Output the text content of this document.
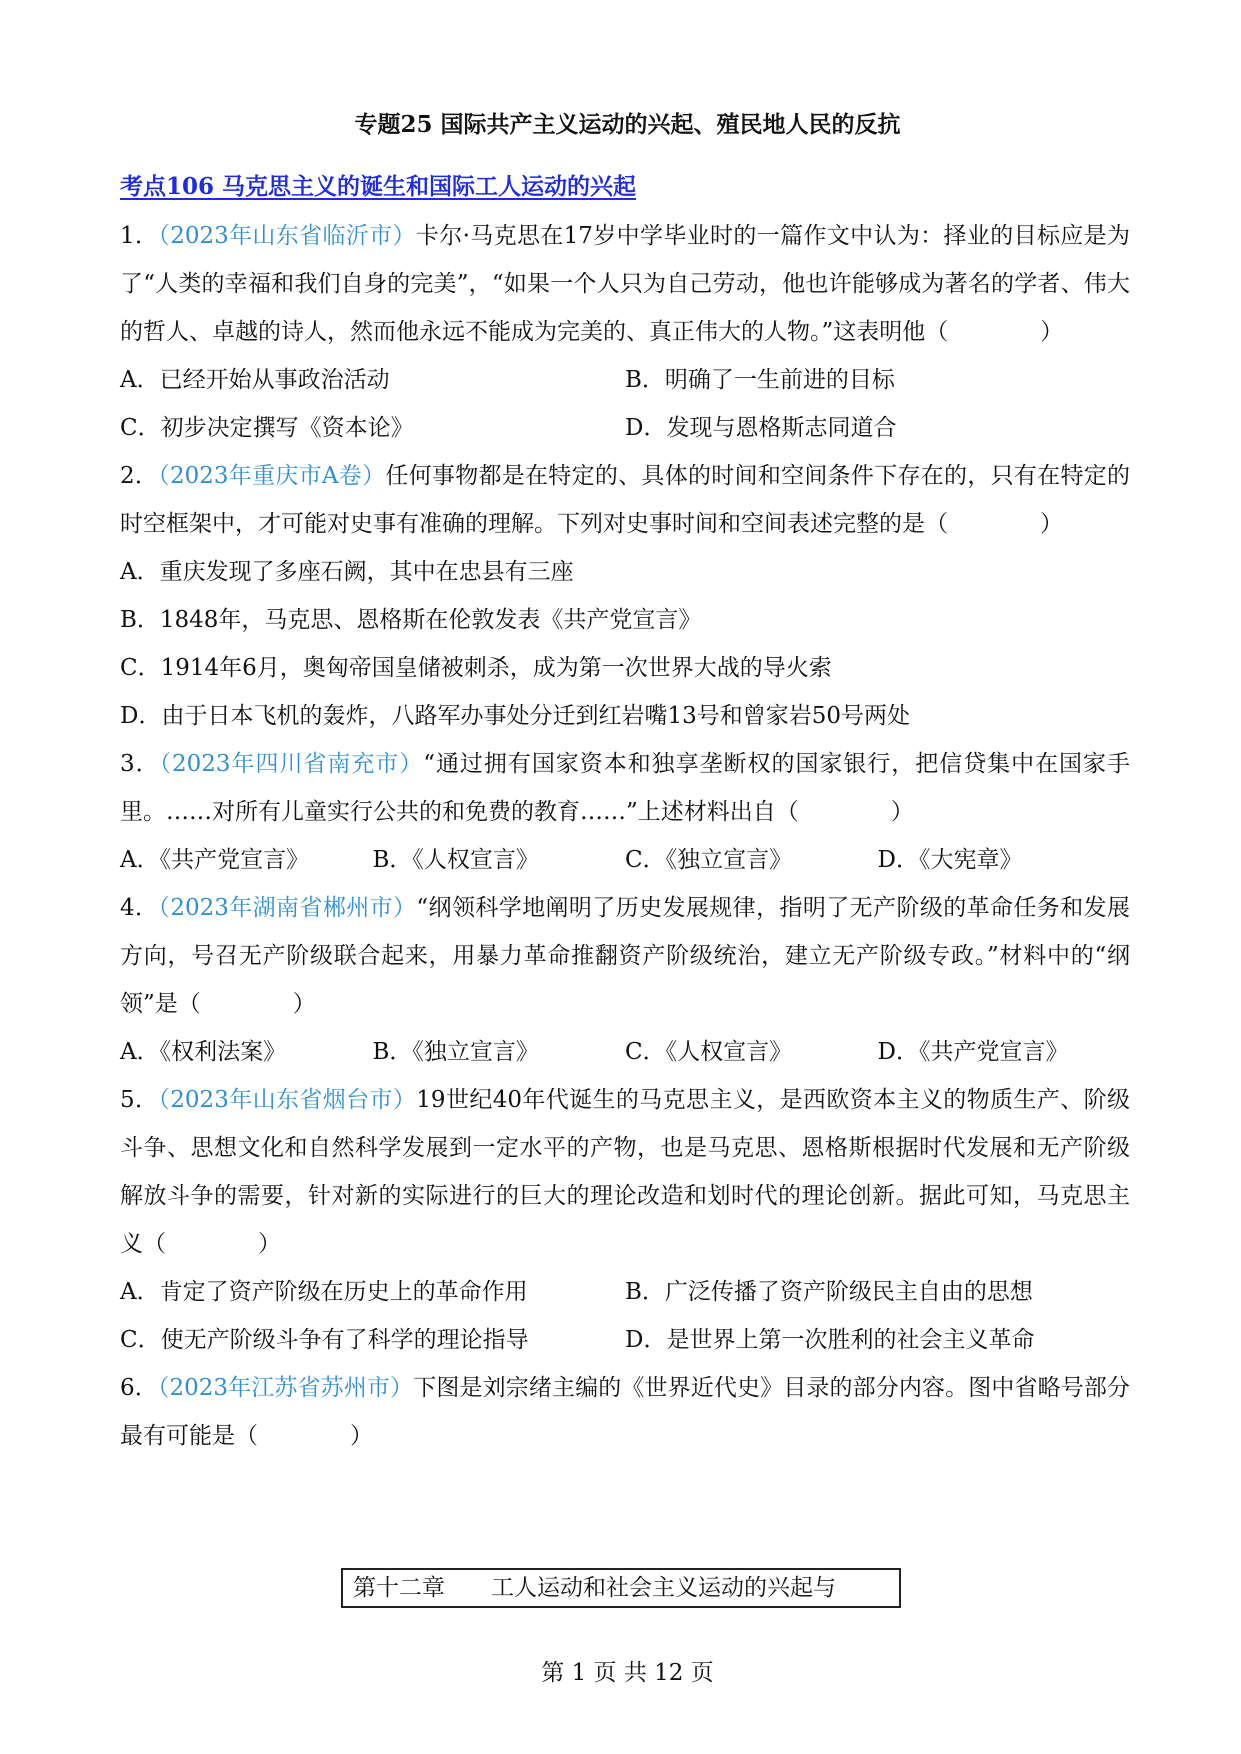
专题25 国际共产主义运动的兴起、殖民地人民的反抗
考点106 马克思主义的诞生和国际工人运动的兴起

1．（2023年山东省临沂市）卡尔·马克思在17岁中学毕业时的一篇作文中认为：择业的目标应是为了“人类的幸福和我们自身的完美”，“如果一个人只为自己劳动，他也许能够成为著名的学者、伟大的哲人、卓越的诗人，然而他永远不能成为完美的、真正伟大的人物。”这表明他（　　　　）

A．已经开始从事政治活动	B．明确了一生前进的目标
C．初步决定撰写《资本论》	D．发现与恩格斯志同道合

2．（2023年重庆市A卷）任何事物都是在特定的、具体的时间和空间条件下存在的，只有在特定的时空框架中，才可能对史事有准确的理解。下列对史事时间和空间表述完整的是（　　　　）

A．重庆发现了多座石阙，其中在忠县有三座
B．1848年，马克思、恩格斯在伦敦发表《共产党宣言》
C．1914年6月，奥匈帝国皇储被刺杀，成为第一次世界大战的导火索
D．由于日本飞机的轰炸，八路军办事处分迁到红岩嘴13号和曾家岩50号两处

3．（2023年四川省南充市）“通过拥有国家资本和独享垄断权的国家银行，把信贷集中在国家手里。……对所有儿童实行公共的和免费的教育……”上述材料出自（　　　　）

A．《共产党宣言》	B．《人权宣言》	C．《独立宣言》	D．《大宪章》

4．（2023年湖南省郴州市）“纲领科学地阐明了历史发展规律，指明了无产阶级的革命任务和发展方向，号召无产阶级联合起来，用暴力革命推翻资产阶级统治，建立无产阶级专政。”材料中的“纲领”是（　　　　）

A．《权利法案》	B．《独立宣言》	C．《人权宣言》	D．《共产党宣言》

5．（2023年山东省烟台市）19世纪40年代诞生的马克思主义，是西欧资本主义的物质生产、阶级斗争、思想文化和自然科学发展到一定水平的产物，也是马克思、恩格斯根据时代发展和无产阶级解放斗争的需要，针对新的实际进行的巨大的理论改造和划时代的理论创新。据此可知，马克思主义（　　　　）

A．肯定了资产阶级在历史上的革命作用	B．广泛传播了资产阶级民主自由的思想
C．使无产阶级斗争有了科学的理论指导	D．是世界上第一次胜利的社会主义革命

6．（2023年江苏省苏州市）下图是刘宗绪主编的《世界近代史》目录的部分内容。图中省略号部分最有可能是（　　　　）

第十二章 工人运动和社会主义运动的兴起与
第 1 页 共 12 页
